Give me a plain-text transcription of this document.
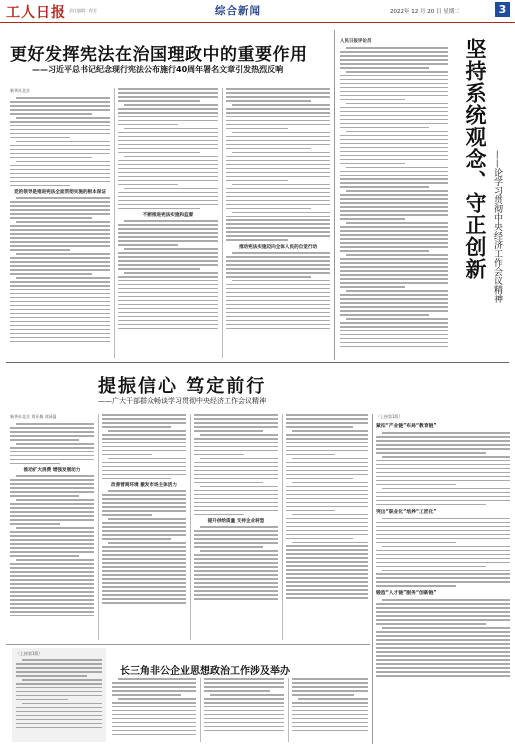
工人日报 责任编辑：程芳	综合新闻	2022年 12 月 20 日 星期二	3
更好发挥宪法在治国理政中的重要作用
——习近平总书记纪念现行宪法公布施行40周年署名文章引发热烈反响
新华社北京
党的领导是推进宪法全面贯彻实施的根本保证
不断推进宪法实施和监督
推动宪法实施迈向全体人民的自觉行动
人民日报评论员	坚持系统观念、守正创新 ——论学习贯彻中央经济工作会议精神
提振信心 笃定前行
——广大干部群众畅谈学习贯彻中央经济工作会议精神
新华社北京 刘开雄 刘泽温
推动扩大消费 增强发展动力
改善营商环境 激发市场主体活力
提升供给质量 支持企业转型
（上接第1版）
紧扣“产业链”布局“教育链”
突出“职业化”培养“工匠化”
锻造“人才链”服务“创新链”
（上接第1版）
长三角非公企业思想政治工作涉及举办
